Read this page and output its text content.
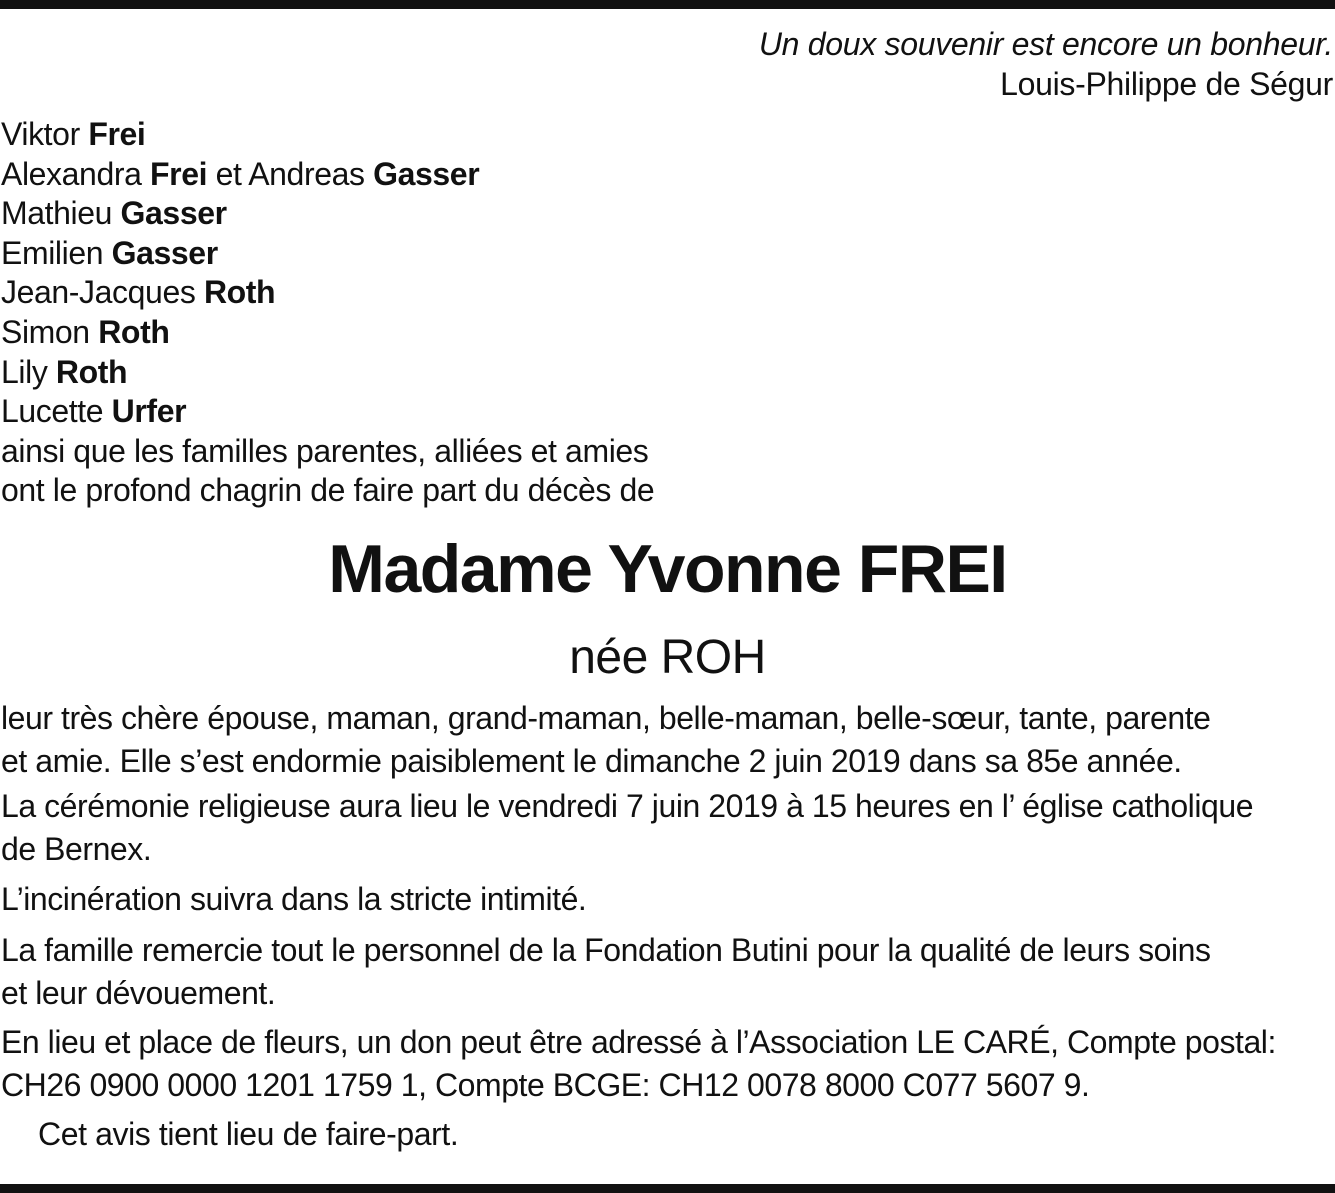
Un doux souvenir est encore un bonheur.
Louis-Philippe de Ségur
Viktor Frei
Alexandra Frei et Andreas Gasser
Mathieu Gasser
Emilien Gasser
Jean-Jacques Roth
Simon Roth
Lily Roth
Lucette Urfer
ainsi que les familles parentes, alliées et amies
ont le profond chagrin de faire part du décès de
Madame Yvonne FREI
née ROH
leur très chère épouse, maman, grand-maman, belle-maman, belle-sœur, tante, parente
et amie. Elle s’est endormie paisiblement le dimanche 2 juin 2019 dans sa 85e année.
La cérémonie religieuse aura lieu le vendredi 7 juin 2019 à 15 heures en l’ église catholique
de Bernex.
L’incinération suivra dans la stricte intimité.
La famille remercie tout le personnel de la Fondation Butini pour la qualité de leurs soins
et leur dévouement.
En lieu et place de fleurs, un don peut être adressé à l’Association LE CARÉ, Compte postal:
CH26 0900 0000 1201 1759 1, Compte BCGE: CH12 0078 8000 C077 5607 9.
Cet avis tient lieu de faire-part.
